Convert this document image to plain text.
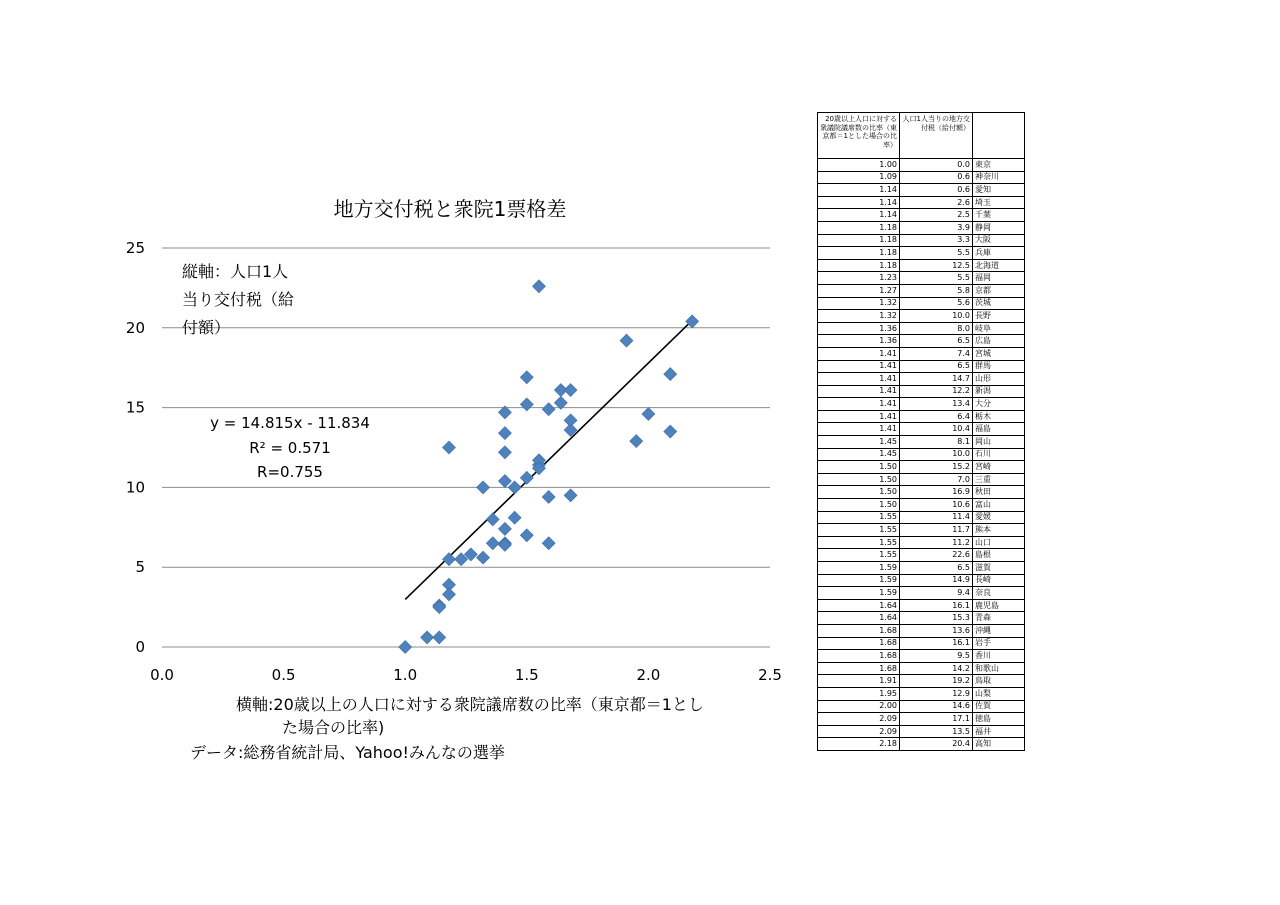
地方交付税と衆院1票格差
0
5
10
15
20
25
0.0	0.5	1.0	1.5	2.0	2.5
縦軸：人口1人
当り交付税（給
付額）
y = 14.815x - 11.834
R² = 0.571
R=0.755
横軸:20歳以上の人口に対する衆院議席数の比率（東京都＝1とし
た場合の比率)
データ:総務省統計局、Yahoo!みんなの選挙
20歳以上人口に対する衆議院議席数の比率（東京都＝1とした場合の比率）	人口1人当りの地方交付税（給付額）	
1.00	0.0	東京
1.09	0.6	神奈川
1.14	0.6	愛知
1.14	2.6	埼玉
1.14	2.5	千葉
1.18	3.9	静岡
1.18	3.3	大阪
1.18	5.5	兵庫
1.18	12.5	北海道
1.23	5.5	福岡
1.27	5.8	京都
1.32	5.6	茨城
1.32	10.0	長野
1.36	8.0	岐阜
1.36	6.5	広島
1.41	7.4	宮城
1.41	6.5	群馬
1.41	14.7	山形
1.41	12.2	新潟
1.41	13.4	大分
1.41	6.4	栃木
1.41	10.4	福島
1.45	8.1	岡山
1.45	10.0	石川
1.50	15.2	宮崎
1.50	7.0	三重
1.50	16.9	秋田
1.50	10.6	富山
1.55	11.4	愛媛
1.55	11.7	熊本
1.55	11.2	山口
1.55	22.6	島根
1.59	6.5	滋賀
1.59	14.9	長崎
1.59	9.4	奈良
1.64	16.1	鹿児島
1.64	15.3	青森
1.68	13.6	沖縄
1.68	16.1	岩手
1.68	9.5	香川
1.68	14.2	和歌山
1.91	19.2	鳥取
1.95	12.9	山梨
2.00	14.6	佐賀
2.09	17.1	徳島
2.09	13.5	福井
2.18	20.4	高知
